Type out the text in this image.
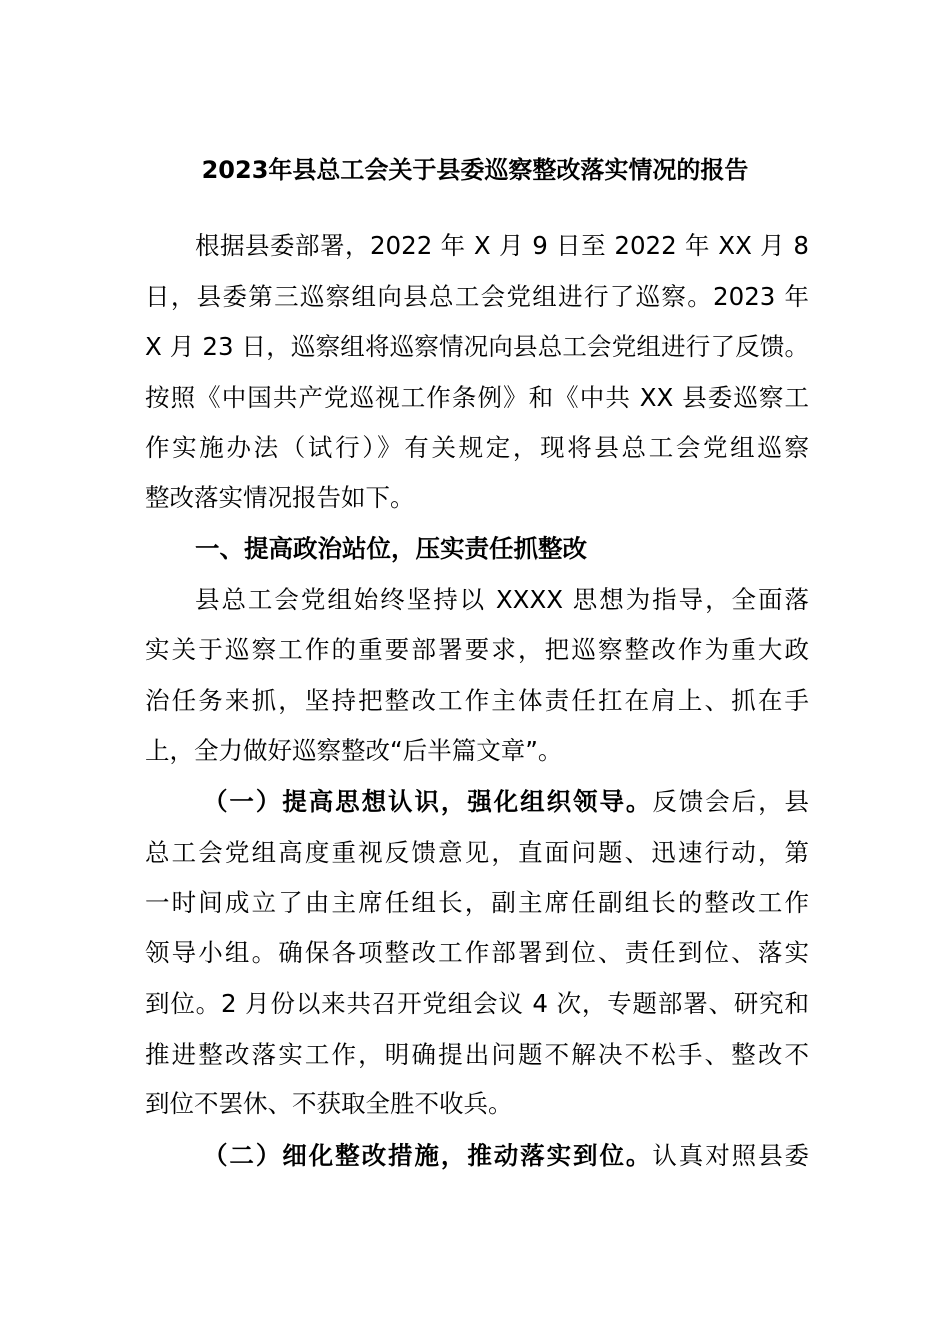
2023年县总工会关于县委巡察整改落实情况的报告
根据县委部署，2022 年 X 月 9 日至 2022 年 XX 月 8
日，县委第三巡察组向县总工会党组进行了巡察。2023 年
X 月 23 日，巡察组将巡察情况向县总工会党组进行了反馈。
按照《中国共产党巡视工作条例》和《中共 XX 县委巡察工
作实施办法（试行）》有关规定，现将县总工会党组巡察
整改落实情况报告如下。
一、提高政治站位，压实责任抓整改
县总工会党组始终坚持以 XXXX 思想为指导，全面落
实关于巡察工作的重要部署要求，把巡察整改作为重大政
治任务来抓，坚持把整改工作主体责任扛在肩上、抓在手
上，全力做好巡察整改“后半篇文章”。
（一）提高思想认识，强化组织领导。反馈会后，县
总工会党组高度重视反馈意见，直面问题、迅速行动，第
一时间成立了由主席任组长，副主席任副组长的整改工作
领导小组。确保各项整改工作部署到位、责任到位、落实
到位。2 月份以来共召开党组会议 4 次，专题部署、研究和
推进整改落实工作，明确提出问题不解决不松手、整改不
到位不罢休、不获取全胜不收兵。
（二）细化整改措施，推动落实到位。认真对照县委
